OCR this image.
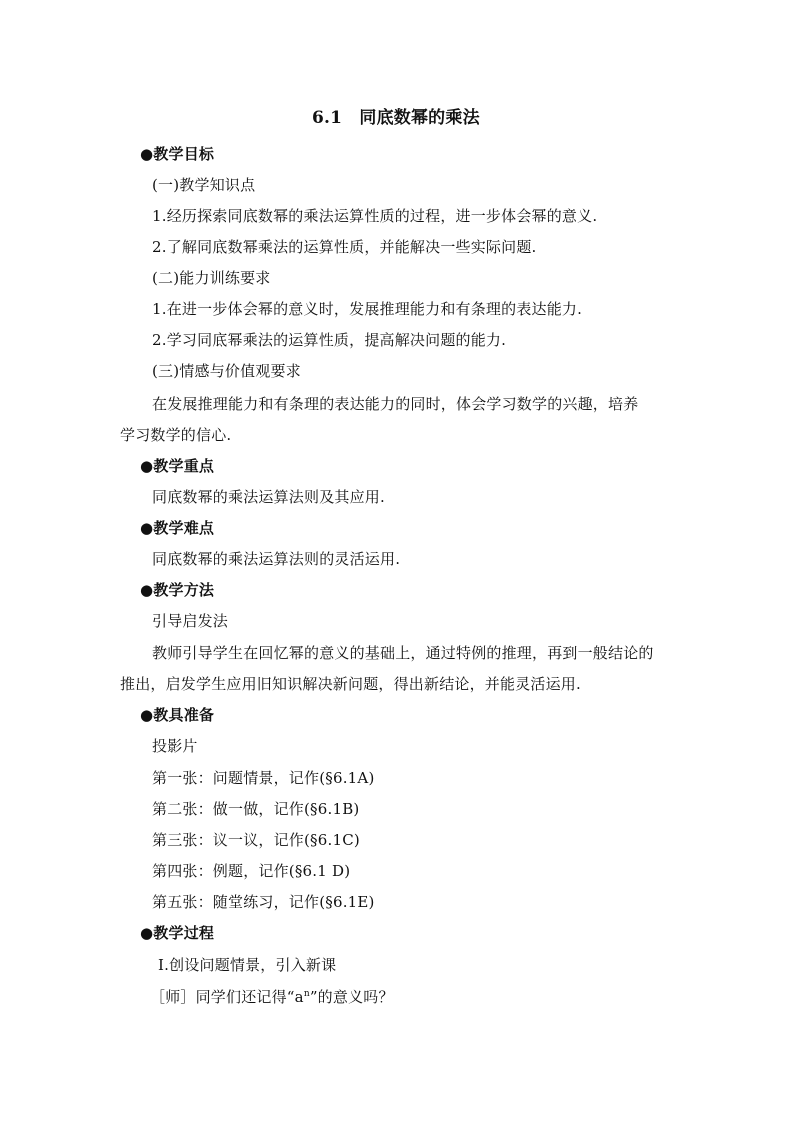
6.1　同底数幂的乘法
●教学目标
(一)教学知识点
1.经历探索同底数幂的乘法运算性质的过程，进一步体会幂的意义.
2.了解同底数幂乘法的运算性质，并能解决一些实际问题.
(二)能力训练要求
1.在进一步体会幂的意义时，发展推理能力和有条理的表达能力.
2.学习同底幂乘法的运算性质，提高解决问题的能力.
(三)情感与价值观要求
在发展推理能力和有条理的表达能力的同时，体会学习数学的兴趣，培养
学习数学的信心.
●教学重点
同底数幂的乘法运算法则及其应用.
●教学难点
同底数幂的乘法运算法则的灵活运用.
●教学方法
引导启发法
教师引导学生在回忆幂的意义的基础上，通过特例的推理，再到一般结论的
推出，启发学生应用旧知识解决新问题，得出新结论，并能灵活运用.
●教具准备
投影片
第一张：问题情景，记作(§6.1A)
第二张：做一做，记作(§6.1B)
第三张：议一议，记作(§6.1C)
第四张：例题，记作(§6.1 D)
第五张：随堂练习，记作(§6.1E)
●教学过程
Ⅰ.创设问题情景，引入新课
［师］同学们还记得“$a^n$”的意义吗？
